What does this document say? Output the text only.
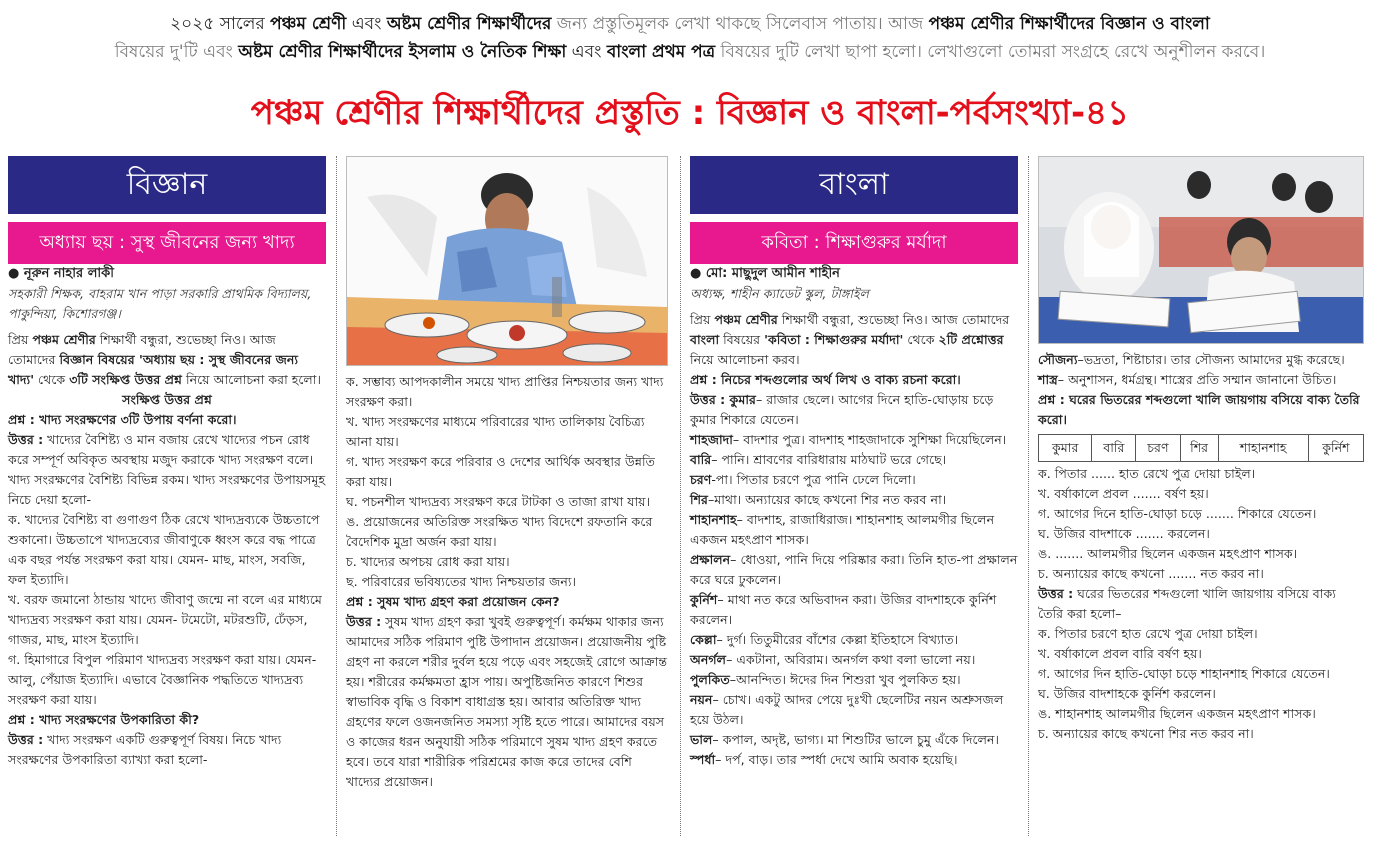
২০২৫ সালের পঞ্চম শ্রেণী এবং অষ্টম শ্রেণীর শিক্ষার্থীদের জন্য প্রস্তুতিমূলক লেখা থাকছে সিলেবাস পাতায়। আজ পঞ্চম শ্রেণীর শিক্ষার্থীদের বিজ্ঞান ও বাংলা
বিষয়ের দু'টি এবং অষ্টম শ্রেণীর শিক্ষার্থীদের ইসলাম ও নৈতিক শিক্ষা এবং বাংলা প্রথম পত্র বিষয়ের দুটি লেখা ছাপা হলো। লেখাগুলো তোমরা সংগ্রহে রেখে অনুশীলন করবে।
পঞ্চম শ্রেণীর শিক্ষার্থীদের প্রস্তুতি : বিজ্ঞান ও বাংলা-পর্বসংখ্যা-৪১
বিজ্ঞান
অধ্যায় ছয় : সুস্থ জীবনের জন্য খাদ্য

● নূরুন নাহার লাকী

সহকারী শিক্ষক, বাহরাম খান পাড়া সরকারি প্রাথমিক বিদ্যালয়, পাকুন্দিয়া, কিশোরগঞ্জ।

প্রিয় পঞ্চম শ্রেণীর শিক্ষার্থী বন্ধুরা, শুভেচ্ছা নিও। আজ তোমাদের বিজ্ঞান বিষয়ের 'অধ্যায় ছয় : সুস্থ জীবনের জন্য খাদ্য' থেকে ৩টি সংক্ষিপ্ত উত্তর প্রশ্ন নিয়ে আলোচনা করা হলো।

সংক্ষিপ্ত উত্তর প্রশ্ন

প্রশ্ন : খাদ্য সংরক্ষণের ৩টি উপায় বর্ণনা করো।

উত্তর : খাদ্যের বৈশিষ্ট্য ও মান বজায় রেখে খাদ্যের পচন রোধ করে সম্পূর্ণ অবিকৃত অবস্থায় মজুদ করাকে খাদ্য সংরক্ষণ বলে। খাদ্য সংরক্ষণের বৈশিষ্ট্য বিভিন্ন রকম। খাদ্য সংরক্ষণের উপায়সমূহ নিচে দেয়া হলো-

ক. খাদ্যের বৈশিষ্ট্য বা গুণাগুণ ঠিক রেখে খাদ্যদ্রব্যকে উচ্চতাপে শুকানো। উচ্চতাপে খাদ্যদ্রব্যের জীবাণুকে ধ্বংস করে বদ্ধ পাত্রে এক বছর পর্যন্ত সংরক্ষণ করা যায়। যেমন- মাছ, মাংস, সবজি, ফল ইত্যাদি।

খ. বরফ জমানো ঠান্ডায় খাদ্যে জীবাণু জন্মে না বলে এর মাধ্যমে খাদ্যদ্রব্য সংরক্ষণ করা যায়। যেমন- টমেটো, মটরশুটি, ঢেঁড়স, গাজর, মাছ, মাংস ইত্যাদি।

গ. হিমাগারে বিপুল পরিমাণ খাদ্যদ্রব্য সংরক্ষণ করা যায়। যেমন- আলু, পেঁয়াজ ইত্যাদি। এভাবে বৈজ্ঞানিক পদ্ধতিতে খাদ্যদ্রব্য সংরক্ষণ করা যায়।

প্রশ্ন : খাদ্য সংরক্ষণের উপকারিতা কী?

উত্তর : খাদ্য সংরক্ষণ একটি গুরুত্বপূর্ণ বিষয়। নিচে খাদ্য সংরক্ষণের উপকারিতা ব্যাখ্যা করা হলো-

ক. সম্ভাব্য আপদকালীন সময়ে খাদ্য প্রাপ্তির নিশ্চয়তার জন্য খাদ্য সংরক্ষণ করা।

খ. খাদ্য সংরক্ষণের মাধ্যমে পরিবারের খাদ্য তালিকায় বৈচিত্র্য আনা যায়।

গ. খাদ্য সংরক্ষণ করে পরিবার ও দেশের আর্থিক অবস্থার উন্নতি করা যায়।

ঘ. পচনশীল খাদ্যদ্রব্য সংরক্ষণ করে টাটকা ও তাজা রাখা যায়।

ঙ. প্রয়োজনের অতিরিক্ত সংরক্ষিত খাদ্য বিদেশে রফতানি করে বৈদেশিক মুদ্রা অর্জন করা যায়।

চ. খাদ্যের অপচয় রোধ করা যায়।

ছ. পরিবারের ভবিষ্যতের খাদ্য নিশ্চয়তার জন্য।

প্রশ্ন : সুষম খাদ্য গ্রহণ করা প্রয়োজন কেন?

উত্তর : সুষম খাদ্য গ্রহণ করা খুবই গুরুত্বপূর্ণ। কর্মক্ষম থাকার জন্য আমাদের সঠিক পরিমাণ পুষ্টি উপাদান প্রয়োজন। প্রয়োজনীয় পুষ্টি গ্রহণ না করলে শরীর দুর্বল হয়ে পড়ে এবং সহজেই রোগে আক্রান্ত হয়। শরীরের কর্মক্ষমতা হ্রাস পায়। অপুষ্টিজনিত কারণে শিশুর স্বাভাবিক বৃদ্ধি ও বিকাশ বাধাগ্রস্ত হয়। আবার অতিরিক্ত খাদ্য গ্রহণের ফলে ওজনজনিত সমস্যা সৃষ্টি হতে পারে। আমাদের বয়স ও কাজের ধরন অনুযায়ী সঠিক পরিমাণে সুষম খাদ্য গ্রহণ করতে হবে। তবে যারা শারীরিক পরিশ্রমের কাজ করে তাদের বেশি খাদ্যের প্রয়োজন।

বাংলা
কবিতা : শিক্ষাগুরুর মর্যাদা

● মো: মাছুদুল আমীন শাহীন

অধ্যক্ষ, শাহীন ক্যাডেট স্কুল, টাঙ্গাইল

প্রিয় পঞ্চম শ্রেণীর শিক্ষার্থী বন্ধুরা, শুভেচ্ছা নিও। আজ তোমাদের বাংলা বিষয়ের 'কবিতা : শিক্ষাগুরুর মর্যাদা' থেকে ২টি প্রশ্নোত্তর নিয়ে আলোচনা করব।

প্রশ্ন : নিচের শব্দগুলোর অর্থ লিখ ও বাক্য রচনা করো।

উত্তর : কুমার– রাজার ছেলে। আগের দিনে হাতি-ঘোড়ায় চড়ে কুমার শিকারে যেতেন।

শাহজাদা– বাদশার পুত্র। বাদশাহ শাহজাদাকে সুশিক্ষা দিয়েছিলেন।

বারি– পানি। শ্রাবণের বারিধারায় মাঠঘাট ভরে গেছে।

চরণ-পা। পিতার চরণে পুত্র পানি ঢেলে দিলো।

শির–মাথা। অন্যায়ের কাছে কখনো শির নত করব না।

শাহানশাহ– বাদশাহ, রাজাধিরাজ। শাহানশাহ আলমগীর ছিলেন একজন মহৎপ্রাণ শাসক।

প্রক্ষালন– ধোওয়া, পানি দিয়ে পরিষ্কার করা। তিনি হাত-পা প্রক্ষালন করে ঘরে ঢুকলেন।

কুর্নিশ– মাথা নত করে অভিবাদন করা। উজির বাদশাহকে কুর্নিশ করলেন।

কেল্লা– দুর্গ। তিতুমীরের বাঁশের কেল্লা ইতিহাসে বিখ্যাত।

অনর্গল– একটানা, অবিরাম। অনর্গল কথা বলা ভালো নয়।

পুলকিত–আনন্দিত। ঈদের দিন শিশুরা খুব পুলকিত হয়।

নয়ন– চোখ। একটু আদর পেয়ে দুঃখী ছেলেটির নয়ন অশ্রুসজল হয়ে উঠল।

ভাল– কপাল, অদৃষ্ট, ভাগ্য। মা শিশুটির ভালে চুমু এঁকে দিলেন।

স্পর্ধা– দর্প, বাড়। তার স্পর্ধা দেখে আমি অবাক হয়েছি।

সৌজন্য–ভদ্রতা, শিষ্টাচার। তার সৌজন্য আমাদের মুগ্ধ করেছে।

শাস্ত্র– অনুশাসন, ধর্মগ্রন্থ। শাস্ত্রের প্রতি সম্মান জানানো উচিত।

প্রশ্ন : ঘরের ভিতরের শব্দগুলো খালি জায়গায় বসিয়ে বাক্য তৈরি করো।

কুমার	বারি	চরণ	শির	শাহানশাহ	কুর্নিশ

ক. পিতার ...... হাত রেখে পুত্র দোয়া চাইল।

খ. বর্ষাকালে প্রবল ....... বর্ষণ হয়।

গ. আগের দিনে হাতি-ঘোড়া চড়ে ....... শিকারে যেতেন।

ঘ. উজির বাদশাকে ....... করলেন।

ঙ. ....... আলমগীর ছিলেন একজন মহৎপ্রাণ শাসক।

চ. অন্যায়ের কাছে কখনো ....... নত করব না।

উত্তর : ঘরের ভিতরের শব্দগুলো খালি জায়গায় বসিয়ে বাক্য তৈরি করা হলো–

ক. পিতার চরণে হাত রেখে পুত্র দোয়া চাইল।

খ. বর্ষাকালে প্রবল বারি বর্ষণ হয়।

গ. আগের দিন হাতি-ঘোড়া চড়ে শাহানশাহ শিকারে যেতেন।

ঘ. উজির বাদশাহকে কুর্নিশ করলেন।

ঙ. শাহানশাহ আলমগীর ছিলেন একজন মহৎপ্রাণ শাসক।

চ. অন্যায়ের কাছে কখনো শির নত করব না।
